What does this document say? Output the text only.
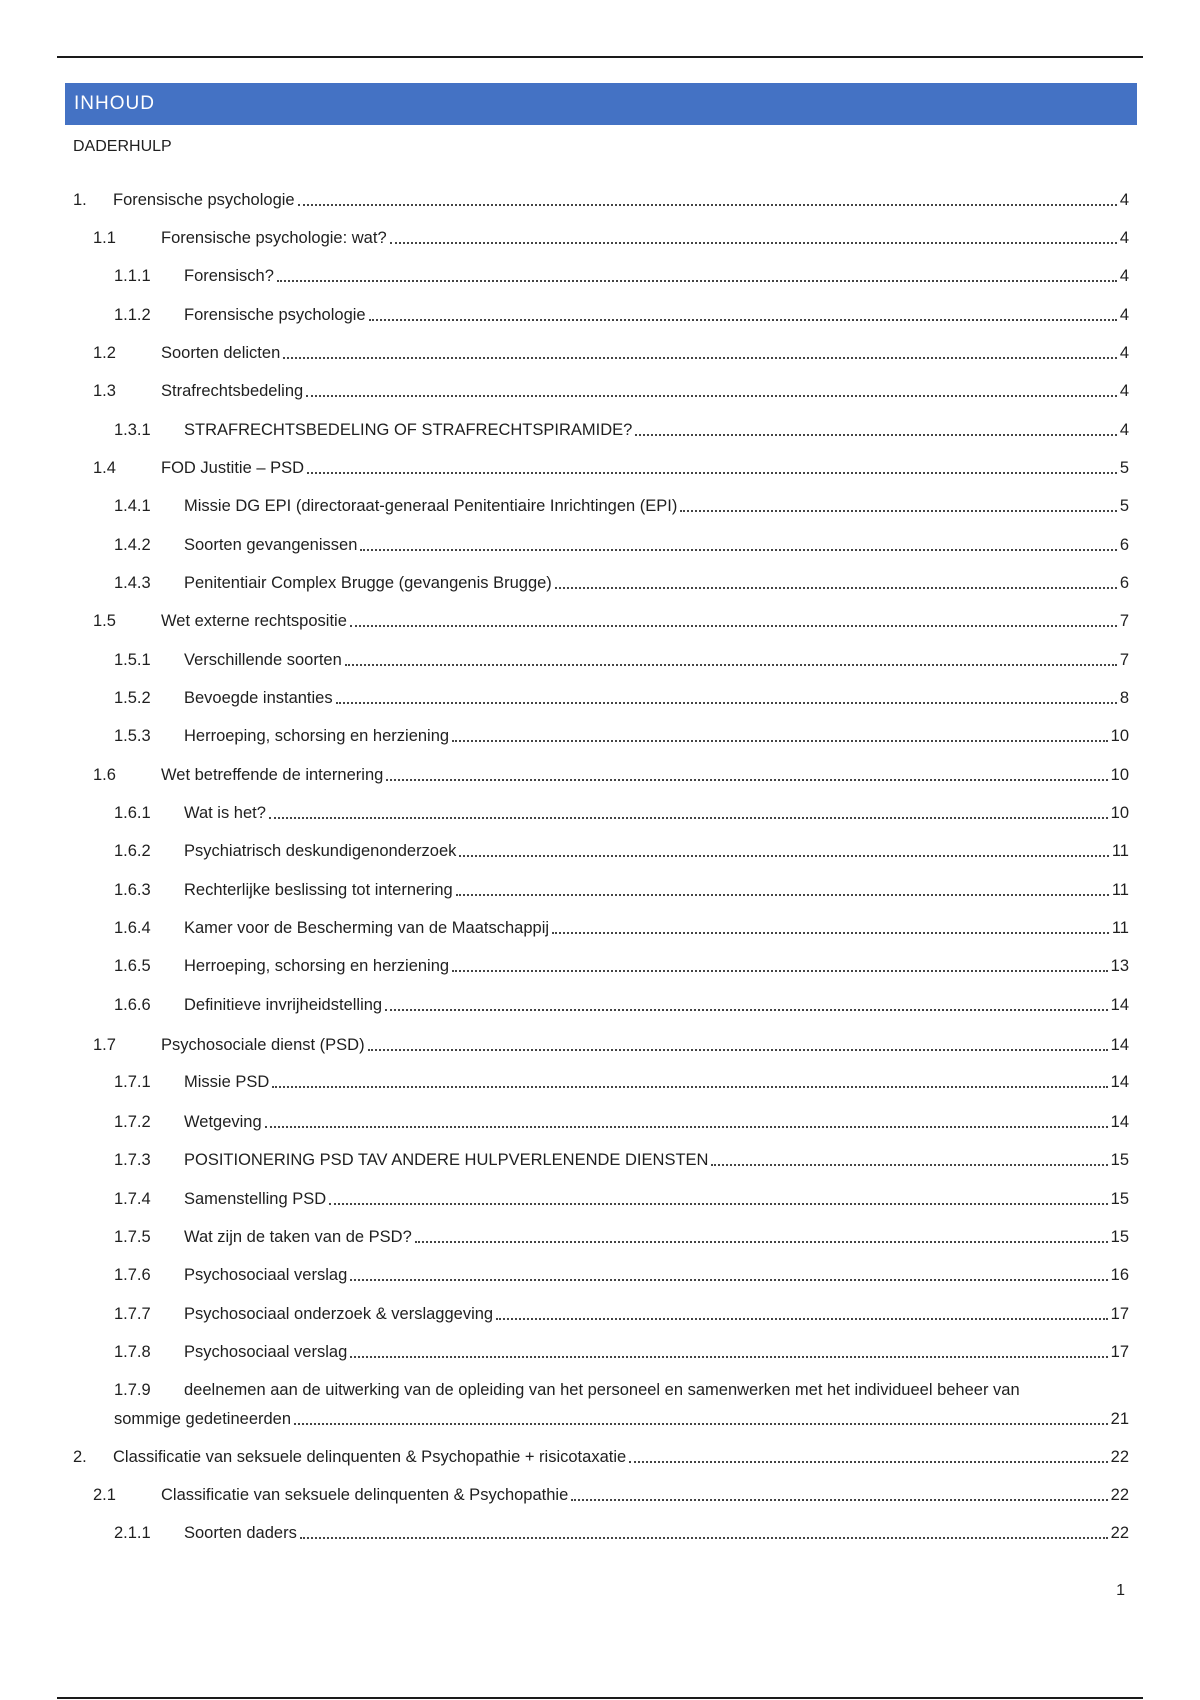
INHOUD
DADERHULP
1.	Forensische psychologie	4
1.1	Forensische psychologie: wat?	4
1.1.1	Forensisch?	4
1.1.2	Forensische psychologie	4
1.2	Soorten delicten	4
1.3	Strafrechtsbedeling	4
1.3.1	STRAFRECHTSBEDELING OF STRAFRECHTSPIRAMIDE?	4
1.4	FOD Justitie – PSD	5
1.4.1	Missie DG EPI (directoraat-generaal Penitentiaire Inrichtingen (EPI)	5
1.4.2	Soorten gevangenissen	6
1.4.3	Penitentiair Complex Brugge (gevangenis Brugge)	6
1.5	Wet externe rechtspositie	7
1.5.1	Verschillende soorten	7
1.5.2	Bevoegde instanties	8
1.5.3	Herroeping, schorsing en herziening	10
1.6	Wet betreffende de internering	10
1.6.1	Wat is het?	10
1.6.2	Psychiatrisch deskundigenonderzoek	11
1.6.3	Rechterlijke beslissing tot internering	11
1.6.4	Kamer voor de Bescherming van de Maatschappij	11
1.6.5	Herroeping, schorsing en herziening	13
1.6.6	Definitieve invrijheidstelling	14
1.7	Psychosociale dienst (PSD)	14
1.7.1	Missie PSD	14
1.7.2	Wetgeving	14
1.7.3	POSITIONERING PSD TAV ANDERE HULPVERLENENDE DIENSTEN	15
1.7.4	Samenstelling PSD	15
1.7.5	Wat zijn de taken van de PSD?	15
1.7.6	Psychosociaal verslag	16
1.7.7	Psychosociaal onderzoek & verslaggeving	17
1.7.8	Psychosociaal verslag	17
1.7.9 deelnemen aan de uitwerking van de opleiding van het personeel en samenwerken met het individueel beheer van
sommige gedetineerden	21
2.	Classificatie van seksuele delinquenten & Psychopathie + risicotaxatie	22
2.1	Classificatie van seksuele delinquenten & Psychopathie	22
2.1.1	Soorten daders	22
1
